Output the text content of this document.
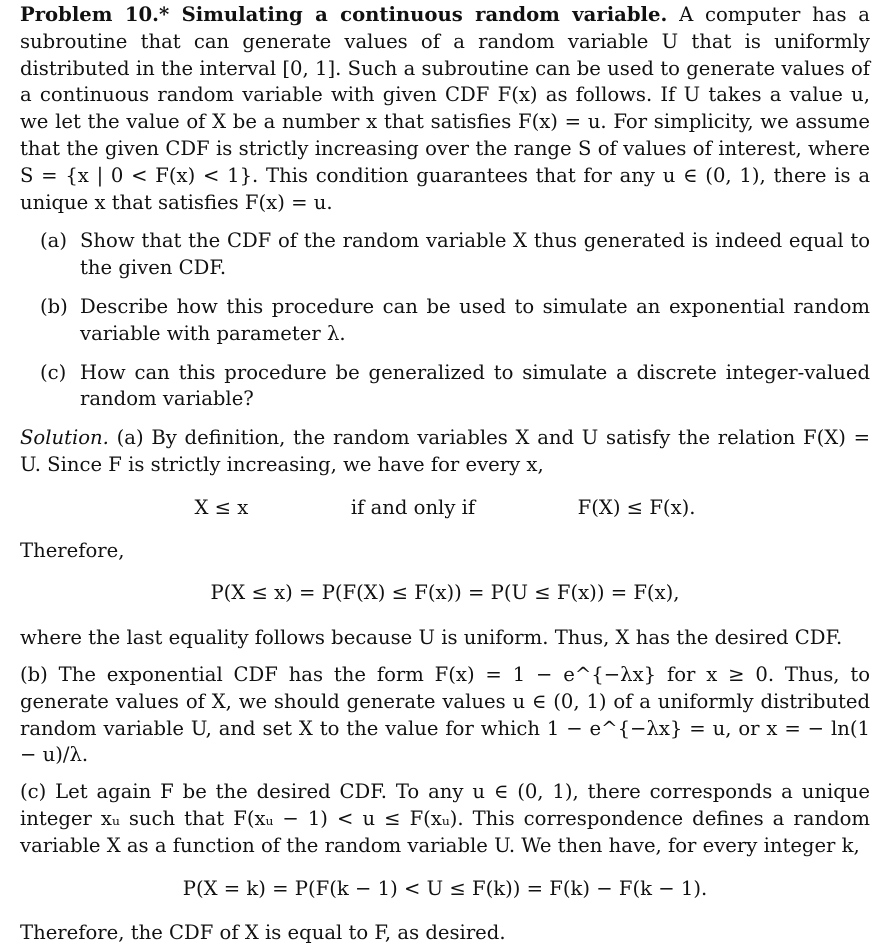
Problem 10.* Simulating a continuous random variable. A computer has a subroutine that can generate values of a random variable U that is uniformly distributed in the interval [0, 1]. Such a subroutine can be used to generate values of a continuous random variable with given CDF F(x) as follows. If U takes a value u, we let the value of X be a number x that satisfies F(x) = u. For simplicity, we assume that the given CDF is strictly increasing over the range S of values of interest, where S = {x | 0 < F(x) < 1}. This condition guarantees that for any u ∈ (0, 1), there is a unique x that satisfies F(x) = u.

(a) Show that the CDF of the random variable X thus generated is indeed equal to the given CDF.
(b) Describe how this procedure can be used to simulate an exponential random variable with parameter λ.
(c) How can this procedure be generalized to simulate a discrete integer-valued random variable?

Solution. (a) By definition, the random variables X and U satisfy the relation F(X) = U. Since F is strictly increasing, we have for every x,

X ≤ x	if and only if	F(X) ≤ F(x).

Therefore,

P(X ≤ x) = P(F(X) ≤ F(x)) = P(U ≤ F(x)) = F(x),

where the last equality follows because U is uniform. Thus, X has the desired CDF.

(b) The exponential CDF has the form F(x) = 1 − e^{−λx} for x ≥ 0. Thus, to generate values of X, we should generate values u ∈ (0, 1) of a uniformly distributed random variable U, and set X to the value for which 1 − e^{−λx} = u, or x = − ln(1 − u)/λ.

(c) Let again F be the desired CDF. To any u ∈ (0, 1), there corresponds a unique integer xᵤ such that F(xᵤ − 1) < u ≤ F(xᵤ). This correspondence defines a random variable X as a function of the random variable U. We then have, for every integer k,

P(X = k) = P(F(k − 1) < U ≤ F(k)) = F(k) − F(k − 1).

Therefore, the CDF of X is equal to F, as desired.
